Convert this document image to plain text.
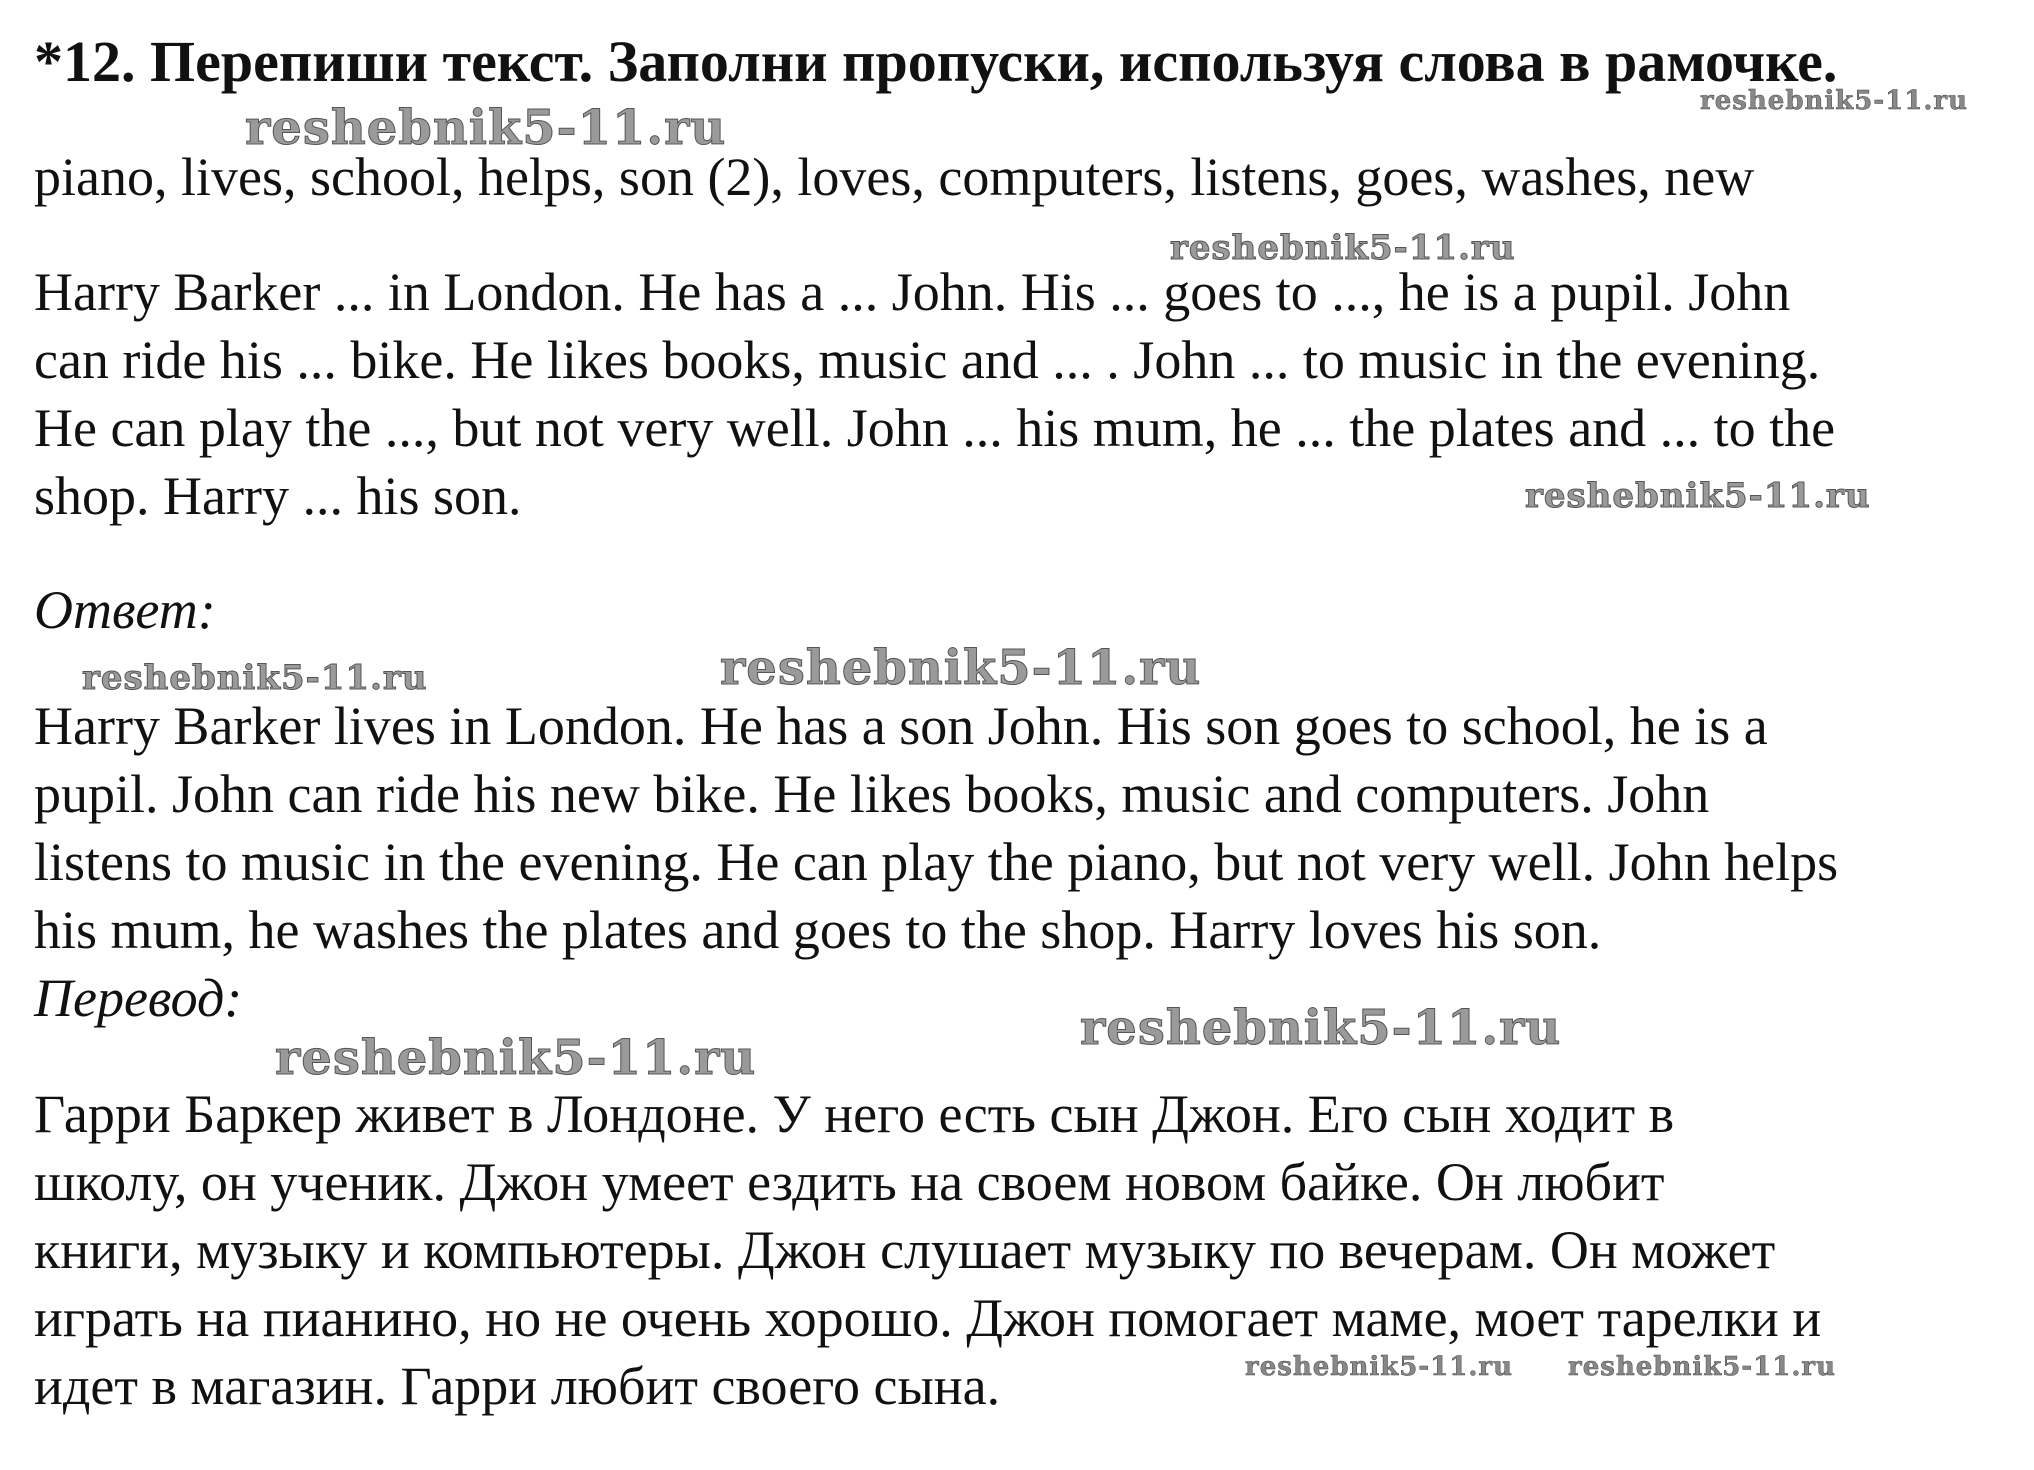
*12. Перепиши текст. Заполни пропуски, используя слова в рамочке.
piano, lives, school, helps, son (2), loves, computers, listens, goes, washes, new
Harry Barker ... in London. He has a ... John. His ... goes to ..., he is a pupil. John
can ride his ... bike. He likes books, music and ... . John ... to music in the evening.
He can play the ..., but not very well. John ... his mum, he ... the plates and ... to the
shop. Harry ... his son.
Ответ:
Harry Barker lives in London. He has a son John. His son goes to school, he is a
pupil. John can ride his new bike. He likes books, music and computers. John
listens to music in the evening. He can play the piano, but not very well. John helps
his mum, he washes the plates and goes to the shop. Harry loves his son.
Перевод:
Гарри Баркер живет в Лондоне. У него есть сын Джон. Его сын ходит в
школу, он ученик. Джон умеет ездить на своем новом байке. Он любит
книги, музыку и компьютеры. Джон слушает музыку по вечерам. Он может
играть на пианино, но не очень хорошо. Джон помогает маме, моет тарелки и
идет в магазин. Гарри любит своего сына.
reshebnik5-11.ru	reshebnik5-11.ru
reshebnik5-11.ru
reshebnik5-11.ru
reshebnik5-11.ru	reshebnik5-11.ru
reshebnik5-11.ru
reshebnik5-11.ru
reshebnik5-11.ru reshebnik5-11.ru
